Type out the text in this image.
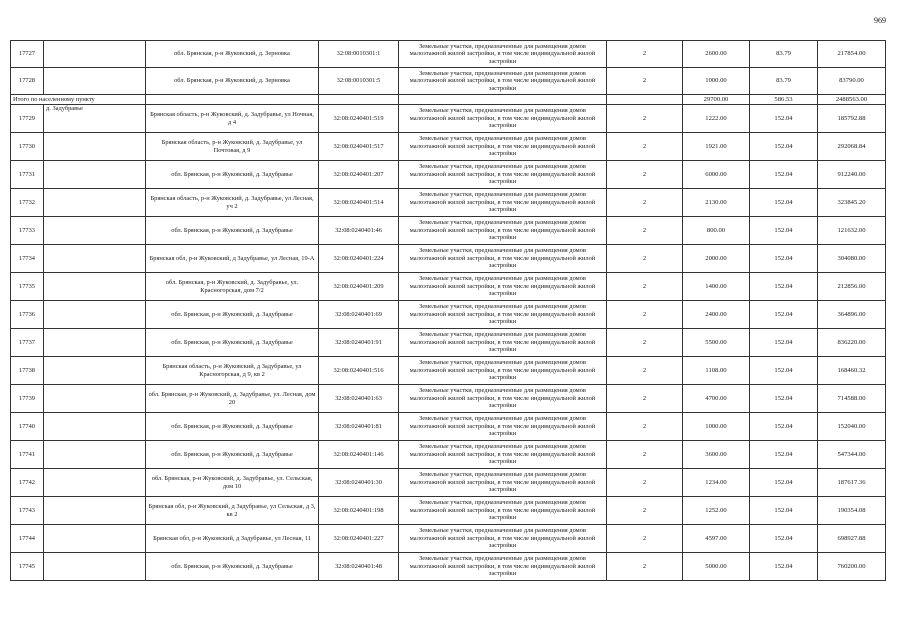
969
17727		обл. Брянская, р-н Жуковский, д. Зерновка	32:08:0010301:1	Земельные участки, предназначенные для размещения домов малоэтажной жилой застройки, в том числе индивидуальной жилой застройки	2	2600.00	83.79	217854.00
17728		обл. Брянская, р-н Жуковский, д. Зерновка	32:08:0010301:5	Земельные участки, предназначенные для размещения домов малоэтажной жилой застройки, в том числе индивидуальной жилой застройки	2	1000.00	83.79	83790.00
Итого по населенному пункту						29700.00	586.53	2488563.00
17729	д. Задубравье	Брянская область, р-н Жуковский, д. Задубравье, ул Ночная, д 4	32:08:0240401:519	Земельные участки, предназначенные для размещения домов малоэтажной жилой застройки, в том числе индивидуальной жилой застройки	2	1222.00	152.04	185792.88
17730		Брянская область, р-н Жуковский, д. Задубравье, ул Почтовая, д 9	32:08:0240401:517	Земельные участки, предназначенные для размещения домов малоэтажной жилой застройки, в том числе индивидуальной жилой застройки	2	1921.00	152.04	292068.84
17731		обл. Брянская, р-н Жуковский, д. Задубравье	32:08:0240401:207	Земельные участки, предназначенные для размещения домов малоэтажной жилой застройки, в том числе индивидуальной жилой застройки	2	6000.00	152.04	912240.00
17732		Брянская область, р-н Жуковский, д. Задубравье, ул Лесная, уч 2	32:08:0240401:514	Земельные участки, предназначенные для размещения домов малоэтажной жилой застройки, в том числе индивидуальной жилой застройки	2	2130.00	152.04	323845.20
17733		обл. Брянская, р-н Жуковский, д. Задубравье	32:08:0240401:46	Земельные участки, предназначенные для размещения домов малоэтажной жилой застройки, в том числе индивидуальной жилой застройки	2	800.00	152.04	121632.00
17734		Брянская обл, р-н Жуковский, д Задубравье, ул Лесная, 19-А	32:08:0240401:224	Земельные участки, предназначенные для размещения домов малоэтажной жилой застройки, в том числе индивидуальной жилой застройки	2	2000.00	152.04	304080.00
17735		обл. Брянская, р-н Жуковский, д. Задубравье, ул. Красногорская, дом 7/2	32:08:0240401:209	Земельные участки, предназначенные для размещения домов малоэтажной жилой застройки, в том числе индивидуальной жилой застройки	2	1400.00	152.04	212856.00
17736		обл. Брянская, р-н Жуковский, д. Задубравье	32:08:0240401:69	Земельные участки, предназначенные для размещения домов малоэтажной жилой застройки, в том числе индивидуальной жилой застройки	2	2400.00	152.04	364896.00
17737		обл. Брянская, р-н Жуковский, д. Задубравье	32:08:0240401:91	Земельные участки, предназначенные для размещения домов малоэтажной жилой застройки, в том числе индивидуальной жилой застройки	2	5500.00	152.04	836220.00
17738		Брянская область, р-н Жуковский, д Задубравье, ул Красногорская, д 9, кв 2	32:08:0240401:516	Земельные участки, предназначенные для размещения домов малоэтажной жилой застройки, в том числе индивидуальной жилой застройки	2	1108.00	152.04	168460.32
17739		обл. Брянская, р-н Жуковский, д. Задубравье, ул. Лесная, дом 20	32:08:0240401:63	Земельные участки, предназначенные для размещения домов малоэтажной жилой застройки, в том числе индивидуальной жилой застройки	2	4700.00	152.04	714588.00
17740		обл. Брянская, р-н Жуковский, д. Задубравье	32:08:0240401:81	Земельные участки, предназначенные для размещения домов малоэтажной жилой застройки, в том числе индивидуальной жилой застройки	2	1000.00	152.04	152040.00
17741		обл. Брянская, р-н Жуковский, д. Задубравье	32:08:0240401:146	Земельные участки, предназначенные для размещения домов малоэтажной жилой застройки, в том числе индивидуальной жилой застройки	2	3600.00	152.04	547344.00
17742		обл. Брянская, р-н Жуковский, д. Задубравье, ул. Сельская, дом 10	32:08:0240401:30	Земельные участки, предназначенные для размещения домов малоэтажной жилой застройки, в том числе индивидуальной жилой застройки	2	1234.00	152.04	187617.36
17743		Брянская обл, р-н Жуковский, д Задубравье, ул Сельская, д 3, кв 2	32:08:0240401:198	Земельные участки, предназначенные для размещения домов малоэтажной жилой застройки, в том числе индивидуальной жилой застройки	2	1252.00	152.04	190354.08
17744		Брянская обл, р-н Жуковский, д Задубравье, ул Лесная, 11	32:08:0240401:227	Земельные участки, предназначенные для размещения домов малоэтажной жилой застройки, в том числе индивидуальной жилой застройки	2	4597.00	152.04	698927.88
17745		обл. Брянская, р-н Жуковский, д. Задубравье	32:08:0240401:48	Земельные участки, предназначенные для размещения домов малоэтажной жилой застройки, в том числе индивидуальной жилой застройки	2	5000.00	152.04	760200.00
